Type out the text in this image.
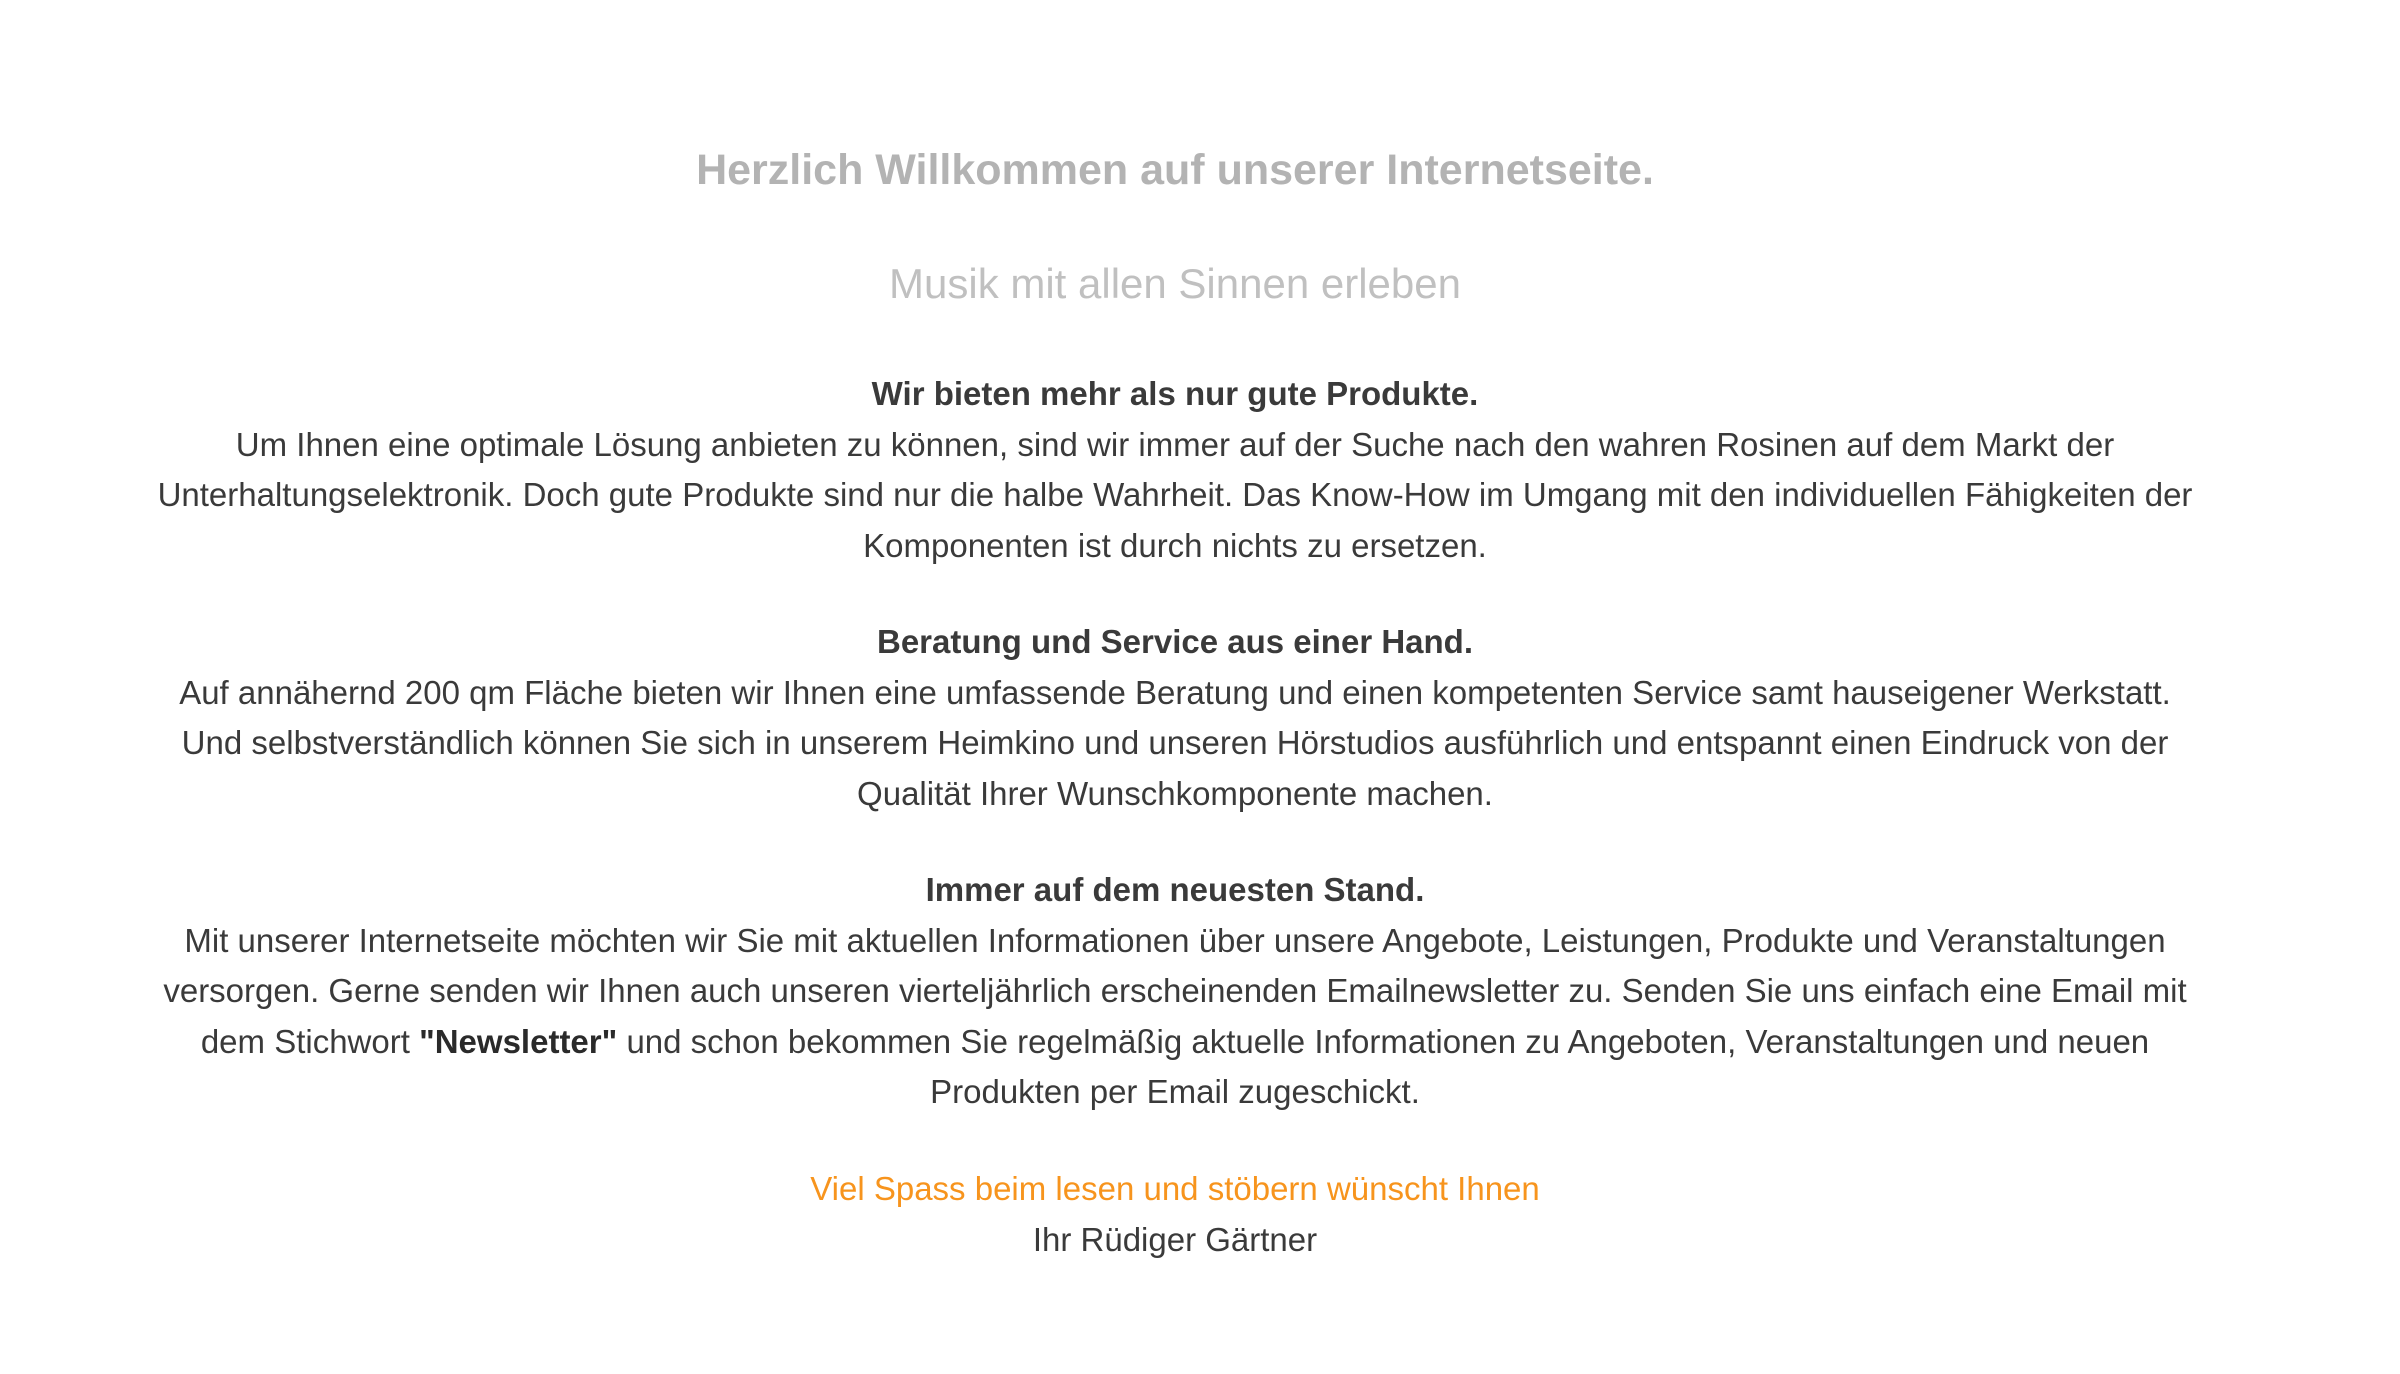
Herzlich Willkommen auf unserer Internetseite.
Musik mit allen Sinnen erleben
Wir bieten mehr als nur gute Produkte.
Um Ihnen eine optimale Lösung anbieten zu können, sind wir immer auf der Suche nach den wahren Rosinen auf dem Markt der Unterhaltungselektronik. Doch gute Produkte sind nur die halbe Wahrheit. Das Know-How im Umgang mit den individuellen Fähigkeiten der Komponenten ist durch nichts zu ersetzen.
Beratung und Service aus einer Hand.
Auf annähernd 200 qm Fläche bieten wir Ihnen eine umfassende Beratung und einen kompetenten Service samt hauseigener Werkstatt. Und selbstverständlich können Sie sich in unserem Heimkino und unseren Hörstudios ausführlich und entspannt einen Eindruck von der Qualität Ihrer Wunschkomponente machen.
Immer auf dem neuesten Stand.
Mit unserer Internetseite möchten wir Sie mit aktuellen Informationen über unsere Angebote, Leistungen, Produkte und Veranstaltungen versorgen. Gerne senden wir Ihnen auch unseren vierteljährlich erscheinenden Emailnewsletter zu. Senden Sie uns einfach eine Email mit dem Stichwort "Newsletter" und schon bekommen Sie regelmäßig aktuelle Informationen zu Angeboten, Veranstaltungen und neuen Produkten per Email zugeschickt.
Viel Spass beim lesen und stöbern wünscht Ihnen
Ihr Rüdiger Gärtner
